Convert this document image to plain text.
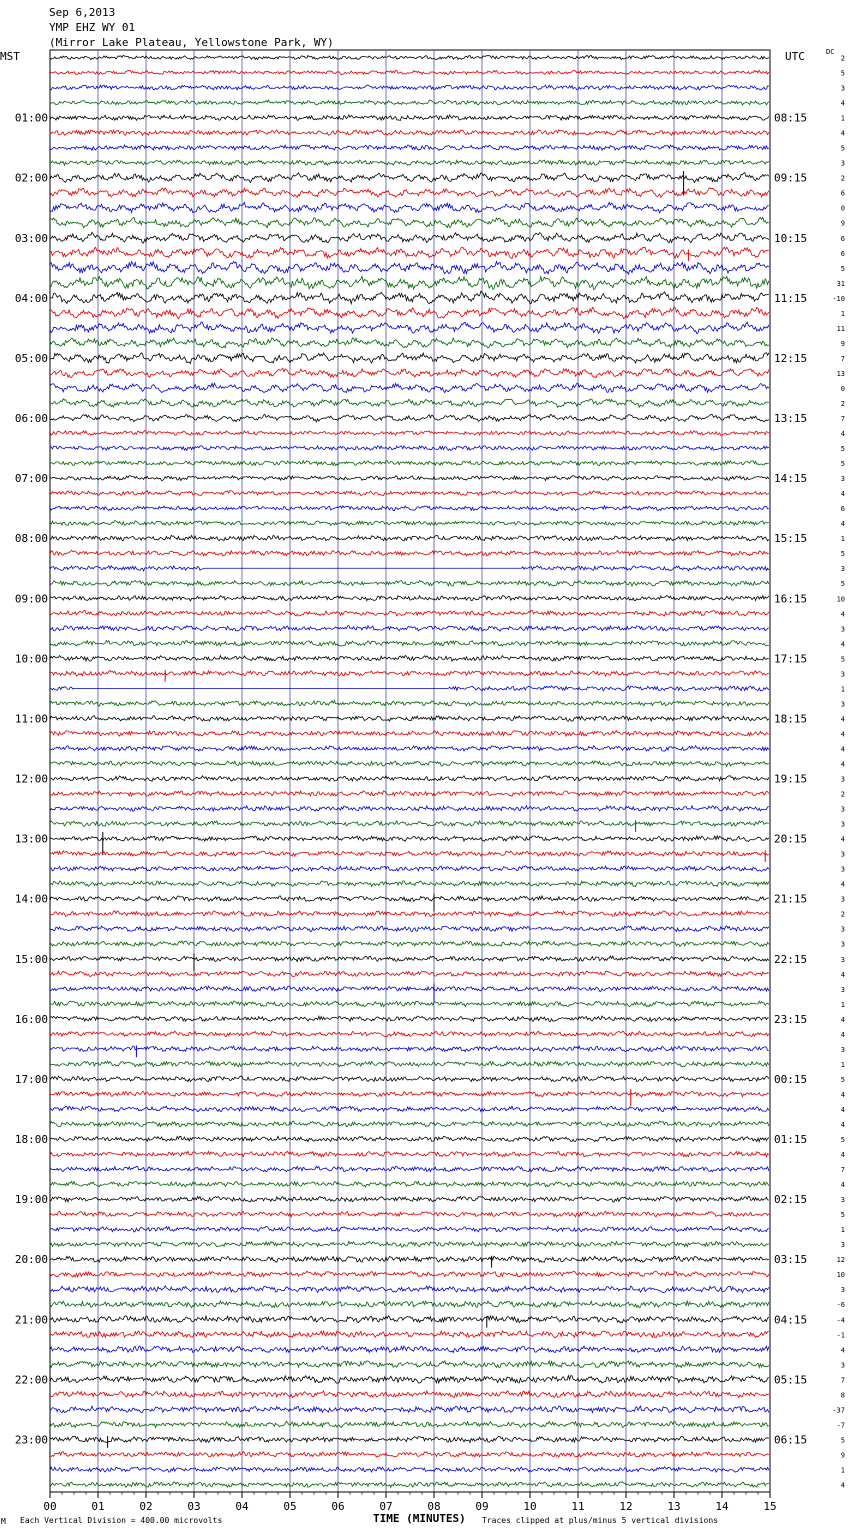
Sep 6,2013
YMP EHZ WY 01
(Mirror Lake Plateau, Yellowstone Park, WY)
MST	UTC	DC
2
5
3
4
1
4
5
3
2
6
0
9
6
6
5
31
-10
1
11
9
7
13
0
2
7
4
5
5
3
4
6
4
1
5
3
5
10
4
3
4
5
3
1
3
4
4
4
4
3
2
3
3
4
3
3
4
3
2
3
3
3
4
3
1
4
4
3
1
5
4
4
4
5
4
7
4
3
5
1
3
12
10
3
-6
-4
-1
4
3
7
8
-37
-7
5
9
1
4
01:00
02:00
03:00
04:00
05:00
06:00
07:00
08:00
09:00
10:00
11:00
12:00
13:00
14:00
15:00
16:00
17:00
18:00
19:00
20:00
21:00
22:00
23:00
08:15
09:15
10:15
11:15
12:15
13:15
14:15
15:15
16:15
17:15
18:15
19:15
20:15
21:15
22:15
23:15
00:15
01:15
02:15
03:15
04:15
05:15
06:15
00	01	02	03	04	05	06	07	08	09	10	11	12	13	14	15
TIME (MINUTES)
M Each Vertical Division = 400.00 microvolts	Traces clipped at plus/minus 5 vertical divisions
